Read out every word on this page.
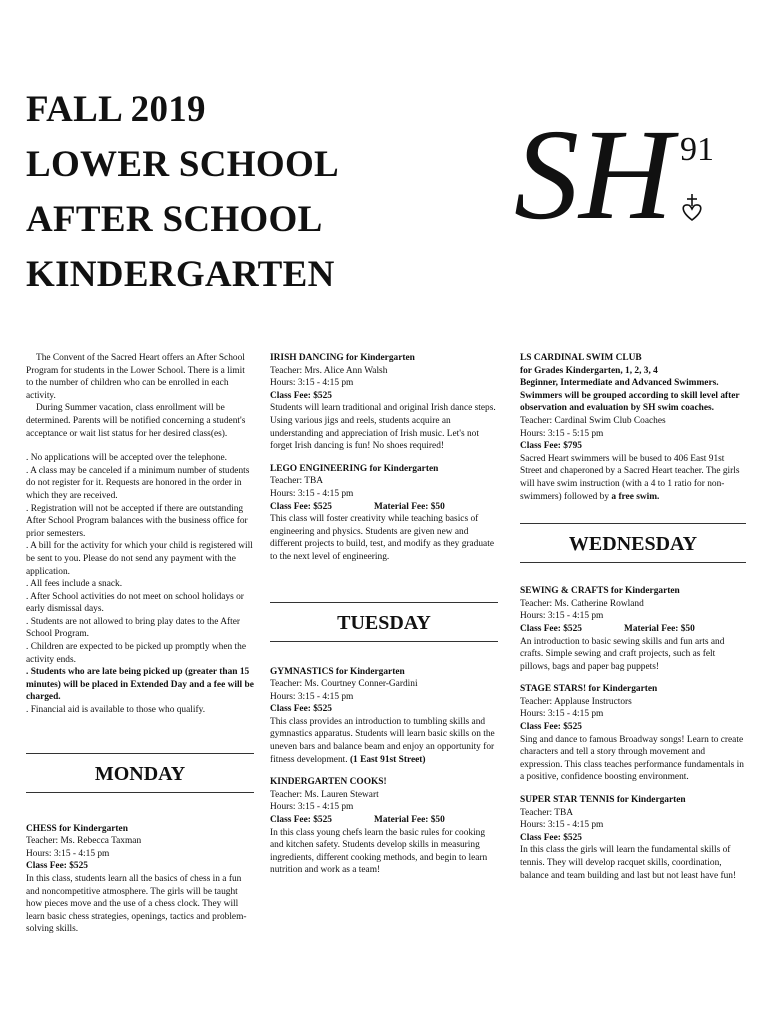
FALL 2019
LOWER SCHOOL
AFTER SCHOOL
KINDERGARTEN
SH 91

The Convent of the Sacred Heart offers an After School Program for students in the Lower School. There is a limit to the number of children who can be enrolled in each activity.

During Summer vacation, class enrollment will be determined. Parents will be notified concerning a student's acceptance or wait list status for her desired class(es).

. No applications will be accepted over the telephone.

. A class may be canceled if a minimum number of students do not register for it. Requests are honored in the order in which they are received.

. Registration will not be accepted if there are outstanding After School Program balances with the business office for prior semesters.

. A bill for the activity for which your child is registered will be sent to you. Please do not send any payment with the application.

. All fees include a snack.

. After School activities do not meet on school holidays or early dismissal days.

. Students are not allowed to bring play dates to the After School Program.

. Children are expected to be picked up promptly when the activity ends.

. Students who are late being picked up (greater than 15 minutes) will be placed in Extended Day and a fee will be charged.

. Financial aid is available to those who qualify.

MONDAY
CHESS for Kindergarten
Teacher: Ms. Rebecca Taxman
Hours: 3:15 - 4:15 pm
Class Fee: $525
In this class, students learn all the basics of chess in a fun and noncompetitive atmosphere. The girls will be taught how pieces move and the use of a chess clock. They will learn basic chess strategies, openings, tactics and problem-solving skills.
IRISH DANCING for Kindergarten
Teacher: Mrs. Alice Ann Walsh
Hours: 3:15 - 4:15 pm
Class Fee: $525
Students will learn traditional and original Irish dance steps. Using various jigs and reels, students acquire an understanding and appreciation of Irish music. Let's not forget Irish dancing is fun! No shoes required!
LEGO ENGINEERING for Kindergarten
Teacher: TBA
Hours: 3:15 - 4:15 pm
Class Fee: $525	Material Fee: $50
This class will foster creativity while teaching basics of engineering and physics. Students are given new and different projects to build, test, and modify as they graduate to the next level of engineering.
TUESDAY
GYMNASTICS for Kindergarten
Teacher: Ms. Courtney Conner-Gardini
Hours: 3:15 - 4:15 pm
Class Fee: $525
This class provides an introduction to tumbling skills and gymnastics apparatus. Students will learn basic skills on the uneven bars and balance beam and enjoy an opportunity for fitness development. (1 East 91st Street)
KINDERGARTEN COOKS!
Teacher: Ms. Lauren Stewart
Hours: 3:15 - 4:15 pm
Class Fee: $525	Material Fee: $50
In this class young chefs learn the basic rules for cooking and kitchen safety. Students develop skills in measuring ingredients, different cooking methods, and begin to learn nutrition and work as a team!
LS CARDINAL SWIM CLUB
for Grades Kindergarten, 1, 2, 3, 4
Beginner, Intermediate and Advanced Swimmers. Swimmers will be grouped according to skill level after observation and evaluation by SH swim coaches.
Teacher: Cardinal Swim Club Coaches
Hours: 3:15 - 5:15 pm
Class Fee: $795
Sacred Heart swimmers will be bused to 406 East 91st Street and chaperoned by a Sacred Heart teacher. The girls will have swim instruction (with a 4 to 1 ratio for non-swimmers) followed by a free swim.
WEDNESDAY
SEWING & CRAFTS for Kindergarten
Teacher: Ms. Catherine Rowland
Hours: 3:15 - 4:15 pm
Class Fee: $525	Material Fee: $50
An introduction to basic sewing skills and fun arts and crafts. Simple sewing and craft projects, such as felt pillows, bags and paper bag puppets!
STAGE STARS! for Kindergarten
Teacher: Applause Instructors
Hours: 3:15 - 4:15 pm
Class Fee: $525
Sing and dance to famous Broadway songs! Learn to create characters and tell a story through movement and expression. This class teaches performance fundamentals in a positive, confidence boosting environment.
SUPER STAR TENNIS for Kindergarten
Teacher: TBA
Hours: 3:15 - 4:15 pm
Class Fee: $525
In this class the girls will learn the fundamental skills of tennis. They will develop racquet skills, coordination, balance and team building and last but not least have fun!
